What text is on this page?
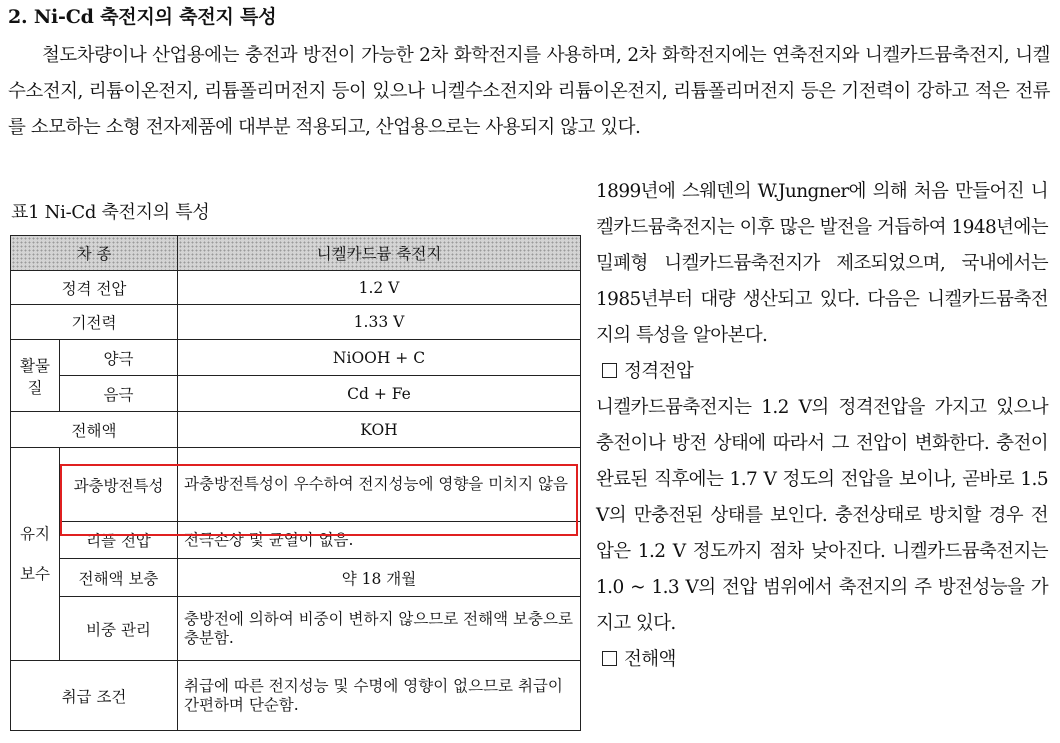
2. Ni-Cd 축전지의 축전지 특성
철도차량이나 산업용에는 충전과 방전이 가능한 2차 화학전지를 사용하며, 2차 화학전지에는 연축전지와 니켈카드뮴축전지, 니켈수소전지, 리튬이온전지, 리튬폴리머전지 등이 있으나 니켈수소전지와 리튬이온전지, 리튬폴리머전지 등은 기전력이 강하고 적은 전류를 소모하는 소형 전자제품에 대부분 적용되고, 산업용으로는 사용되지 않고 있다.
표1 Ni-Cd 축전지의 특성
차 종		니켈카드뮴 축전지
정격 전압		1.2 V
기전력		1.33 V
활물질	양극	NiOOH + C
	음극	Cd + Fe
전해액		KOH
유지 보수	과충방전특성	과충방전특성이 우수하여 전지성능에 영향을 미치지 않음
	리플 전압	전극손상 및 균열이 없음.
	전해액 보충	약 18 개월
	비중 관리	충방전에 의하여 비중이 변하지 않으므로 전해액 보충으로 충분함.
취급 조건		취급에 따른 전지성능 및 수명에 영향이 없으므로 취급이 간편하며 단순함.

1899년에 스웨덴의 W.Jungner에 의해 처음 만들어진 니켈카드뮴축전지는 이후 많은 발전을 거듭하여 1948년에는 밀폐형 니켈카드뮴축전지가 제조되었으며, 국내에서는 1985년부터 대량 생산되고 있다. 다음은 니켈카드뮴축전지의 특성을 알아본다.

정격전압

니켈카드뮴축전지는 1.2 V의 정격전압을 가지고 있으나 충전이나 방전 상태에 따라서 그 전압이 변화한다. 충전이 완료된 직후에는 1.7 V 정도의 전압을 보이나, 곧바로 1.5 V의 만충전된 상태를 보인다. 충전상태로 방치할 경우 전압은 1.2 V 정도까지 점차 낮아진다. 니켈카드뮴축전지는 1.0 ~ 1.3 V의 전압 범위에서 축전지의 주 방전성능을 가지고 있다.

전해액
